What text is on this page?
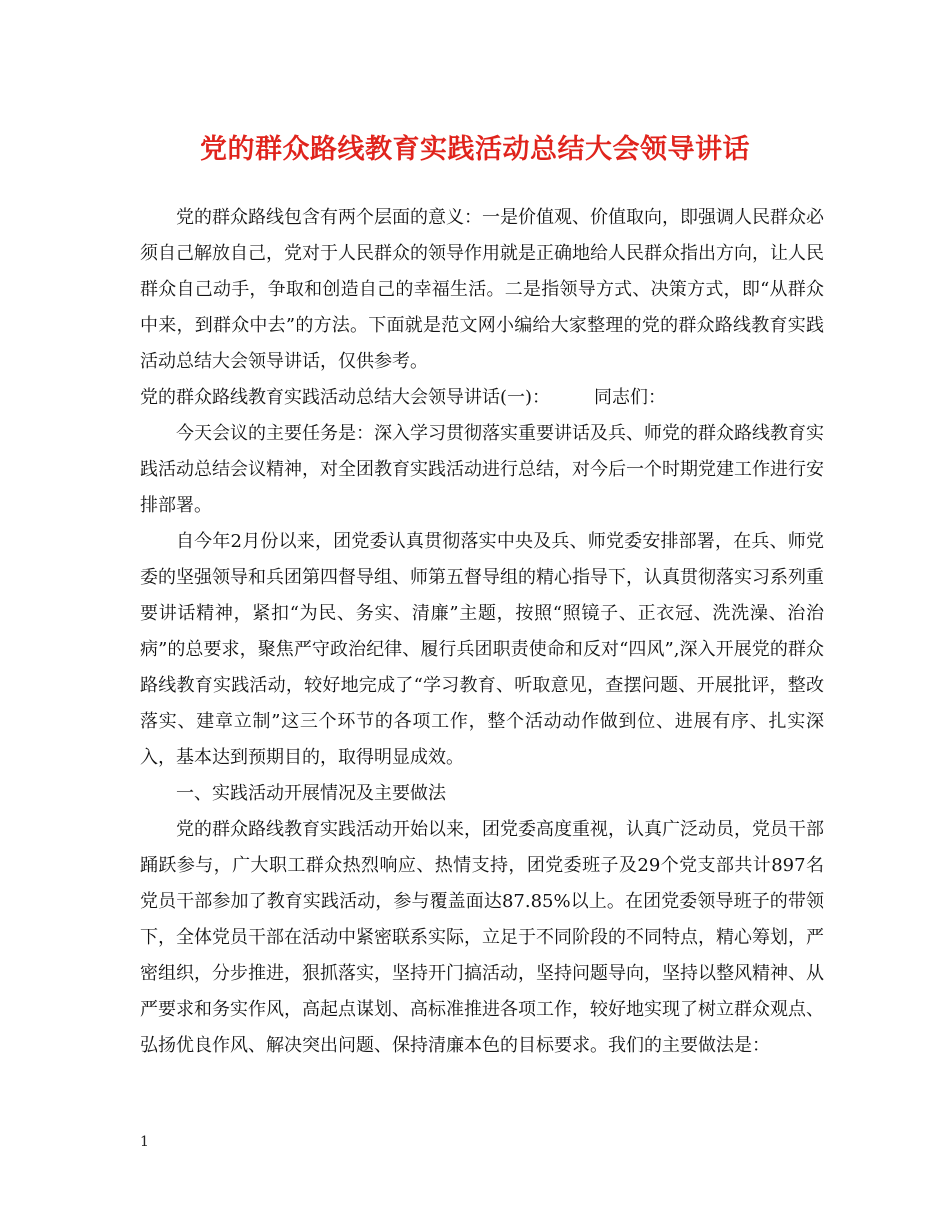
党的群众路线教育实践活动总结大会领导讲话

党的群众路线包含有两个层面的意义：一是价值观、价值取向，即强调人民群众必须自己解放自己，党对于人民群众的领导作用就是正确地给人民群众指出方向，让人民群众自己动手，争取和创造自己的幸福生活。二是指领导方式、决策方式，即“从群众中来，到群众中去”的方法。下面就是范文网小编给大家整理的党的群众路线教育实践活动总结大会领导讲话，仅供参考。

党的群众路线教育实践活动总结大会领导讲话(一)： 同志们：

今天会议的主要任务是：深入学习贯彻落实重要讲话及兵、师党的群众路线教育实践活动总结会议精神，对全团教育实践活动进行总结，对今后一个时期党建工作进行安排部署。

自今年2月份以来，团党委认真贯彻落实中央及兵、师党委安排部署，在兵、师党委的坚强领导和兵团第四督导组、师第五督导组的精心指导下，认真贯彻落实习系列重要讲话精神，紧扣“为民、务实、清廉”主题，按照“照镜子、正衣冠、洗洗澡、治治病”的总要求，聚焦严守政治纪律、履行兵团职责使命和反对“四风”,深入开展党的群众路线教育实践活动，较好地完成了“学习教育、听取意见，查摆问题、开展批评，整改落实、建章立制”这三个环节的各项工作，整个活动动作做到位、进展有序、扎实深入，基本达到预期目的，取得明显成效。

一、实践活动开展情况及主要做法

党的群众路线教育实践活动开始以来，团党委高度重视，认真广泛动员，党员干部踊跃参与，广大职工群众热烈响应、热情支持，团党委班子及29个党支部共计897名党员干部参加了教育实践活动，参与覆盖面达87.85%以上。在团党委领导班子的带领下，全体党员干部在活动中紧密联系实际，立足于不同阶段的不同特点，精心筹划，严密组织，分步推进，狠抓落实，坚持开门搞活动，坚持问题导向，坚持以整风精神、从严要求和务实作风，高起点谋划、高标准推进各项工作，较好地实现了树立群众观点、弘扬优良作风、解决突出问题、保持清廉本色的目标要求。我们的主要做法是：

1
